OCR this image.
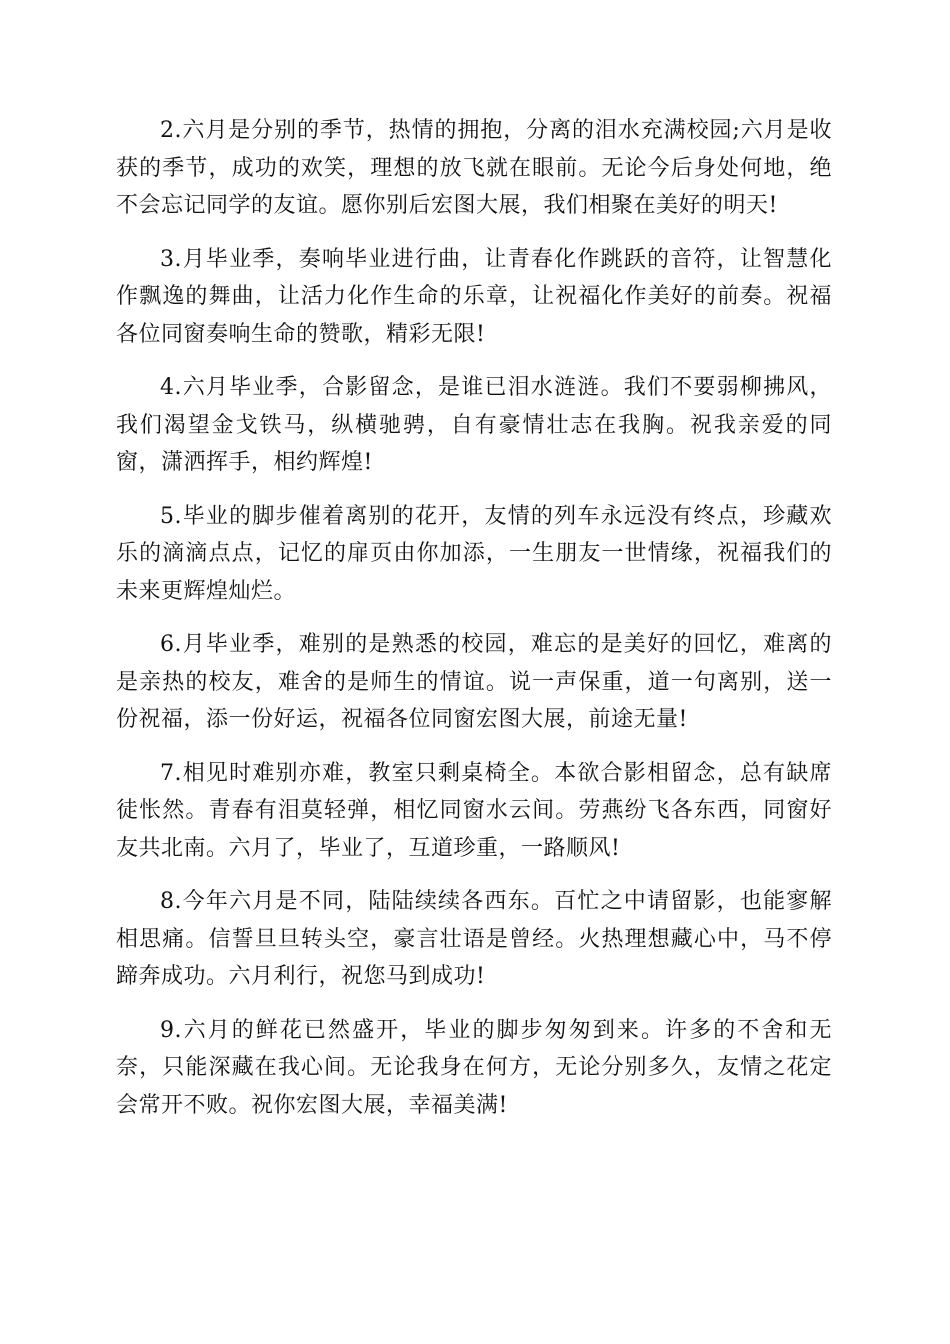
2.六月是分别的季节，热情的拥抱，分离的泪水充满校园;六月是收获的季节，成功的欢笑，理想的放飞就在眼前。无论今后身处何地，绝不会忘记同学的友谊。愿你别后宏图大展，我们相聚在美好的明天!

3.月毕业季，奏响毕业进行曲，让青春化作跳跃的音符，让智慧化作飘逸的舞曲，让活力化作生命的乐章，让祝福化作美好的前奏。祝福各位同窗奏响生命的赞歌，精彩无限!

4.六月毕业季，合影留念，是谁已泪水涟涟。我们不要弱柳拂风，我们渴望金戈铁马，纵横驰骋，自有豪情壮志在我胸。祝我亲爱的同窗，潇洒挥手，相约辉煌!

5.毕业的脚步催着离别的花开，友情的列车永远没有终点，珍藏欢乐的滴滴点点，记忆的扉页由你加添，一生朋友一世情缘，祝福我们的未来更辉煌灿烂。

6.月毕业季，难别的是熟悉的校园，难忘的是美好的回忆，难离的是亲热的校友，难舍的是师生的情谊。说一声保重，道一句离别，送一份祝福，添一份好运，祝福各位同窗宏图大展，前途无量!

7.相见时难别亦难，教室只剩桌椅全。本欲合影相留念，总有缺席徒怅然。青春有泪莫轻弹，相忆同窗水云间。劳燕纷飞各东西，同窗好友共北南。六月了，毕业了，互道珍重，一路顺风!

8.今年六月是不同，陆陆续续各西东。百忙之中请留影，也能寥解相思痛。信誓旦旦转头空，豪言壮语是曾经。火热理想藏心中，马不停蹄奔成功。六月利行，祝您马到成功!

9.六月的鲜花已然盛开，毕业的脚步匆匆到来。许多的不舍和无奈，只能深藏在我心间。无论我身在何方，无论分别多久，友情之花定会常开不败。祝你宏图大展，幸福美满!
